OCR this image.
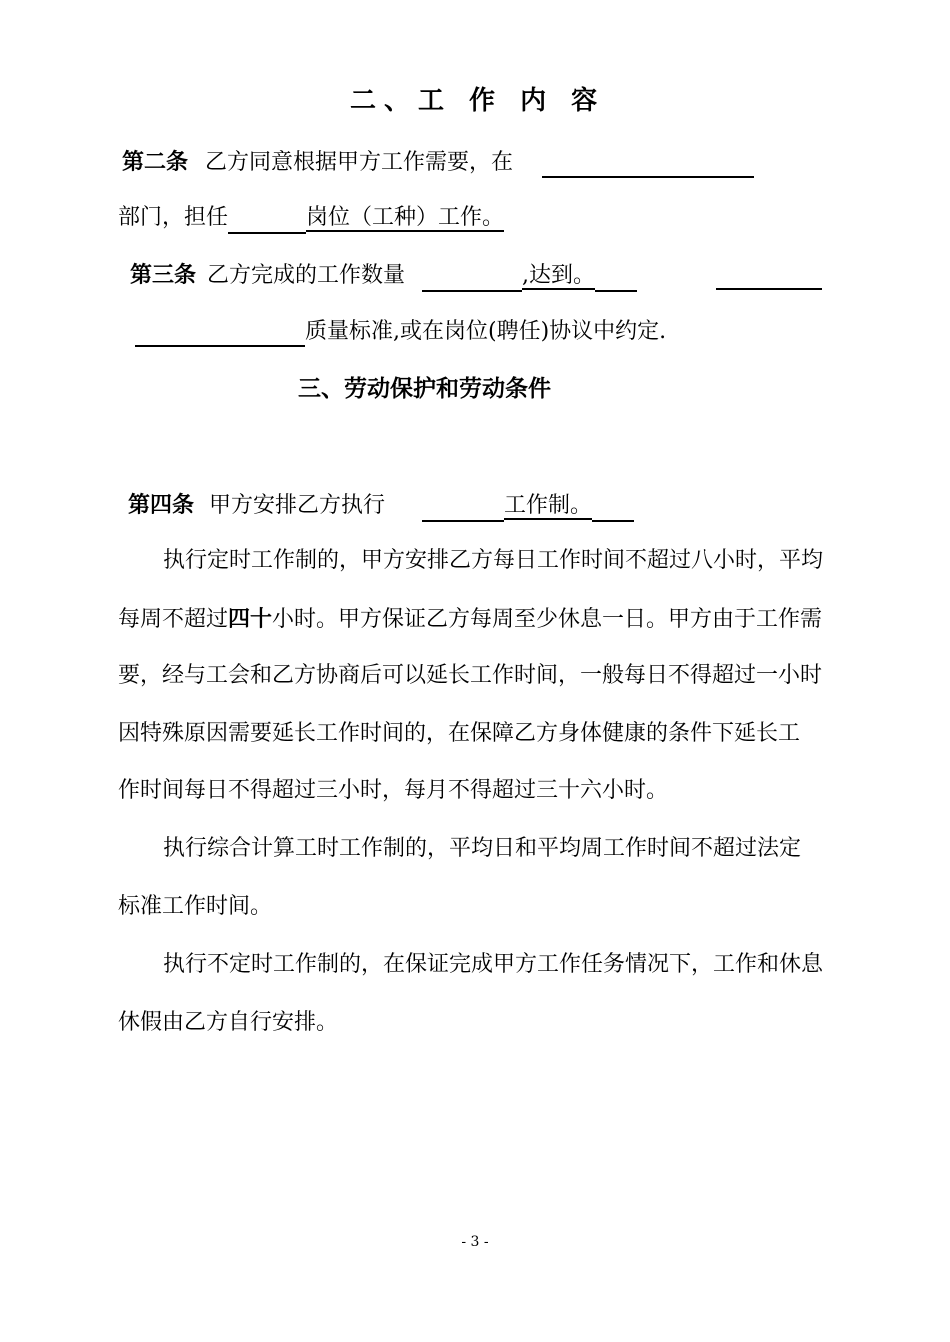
二、工 作 内 容
第二条 乙方同意根据甲方工作需要，在
部门，担任	岗位（工种）工作。
第三条 乙方完成的工作数量	,达到。
质量标准,或在岗位(聘任)协议中约定.
三、劳动保护和劳动条件
第四条 甲方安排乙方执行	工作制。
执行定时工作制的，甲方安排乙方每日工作时间不超过八小时，平均
每周不超过四十小时。甲方保证乙方每周至少休息一日。甲方由于工作需
要，经与工会和乙方协商后可以延长工作时间，一般每日不得超过一小时
因特殊原因需要延长工作时间的，在保障乙方身体健康的条件下延长工
作时间每日不得超过三小时，每月不得超过三十六小时。
执行综合计算工时工作制的，平均日和平均周工作时间不超过法定
标准工作时间。
执行不定时工作制的，在保证完成甲方工作任务情况下，工作和休息
休假由乙方自行安排。
- 3 -
